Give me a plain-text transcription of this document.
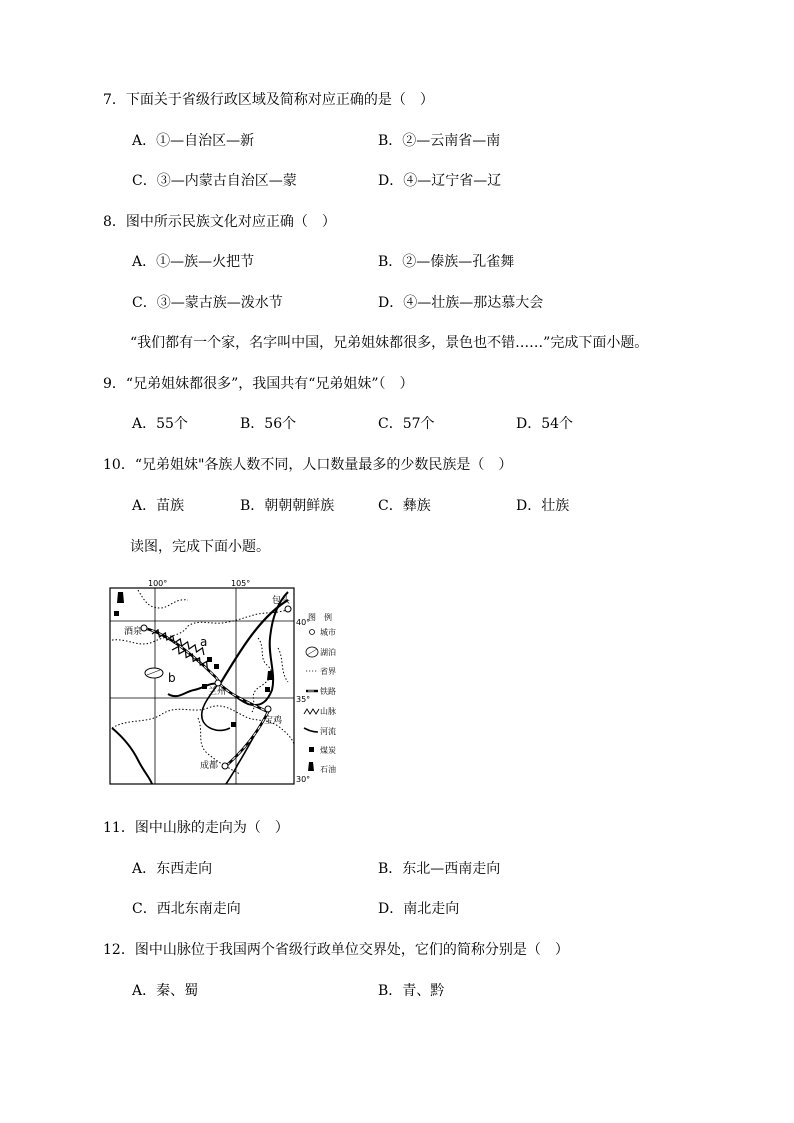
7．下面关于省级行政区域及简称对应正确的是（　）
A．①—自治区—新	B．②—云南省—南
C．③—内蒙古自治区—蒙	D．④—辽宁省—辽
8．图中所示民族文化对应正确（　）
A．①—族—火把节	B．②—傣族—孔雀舞
C．③—蒙古族—泼水节	D．④—壮族—那达慕大会
“我们都有一个家，名字叫中国，兄弟姐妹都很多，景色也不错……”完成下面小题。
9．“兄弟姐妹都很多”，我国共有“兄弟姐妹”（　）
A．55个	B．56个	C．57个	D．54个
10．“兄弟姐妹"各族人数不同，人口数量最多的少数民族是（　）
A．苗族	B．朝朝朝鲜族	C．彝族	D．壮族
读图，完成下面小题。
100°	105°
40°
35°
30°
包头
酒泉
兰州
宝鸡
成都
a
b
图　例
城市
湖泊
省界
铁路
山脉
河流
煤炭
石油
11．图中山脉的走向为（　）
A．东西走向	B．东北—西南走向
C．西北东南走向	D．南北走向
12．图中山脉位于我国两个省级行政单位交界处，它们的简称分别是（　）
A．秦、蜀	B．青、黔
